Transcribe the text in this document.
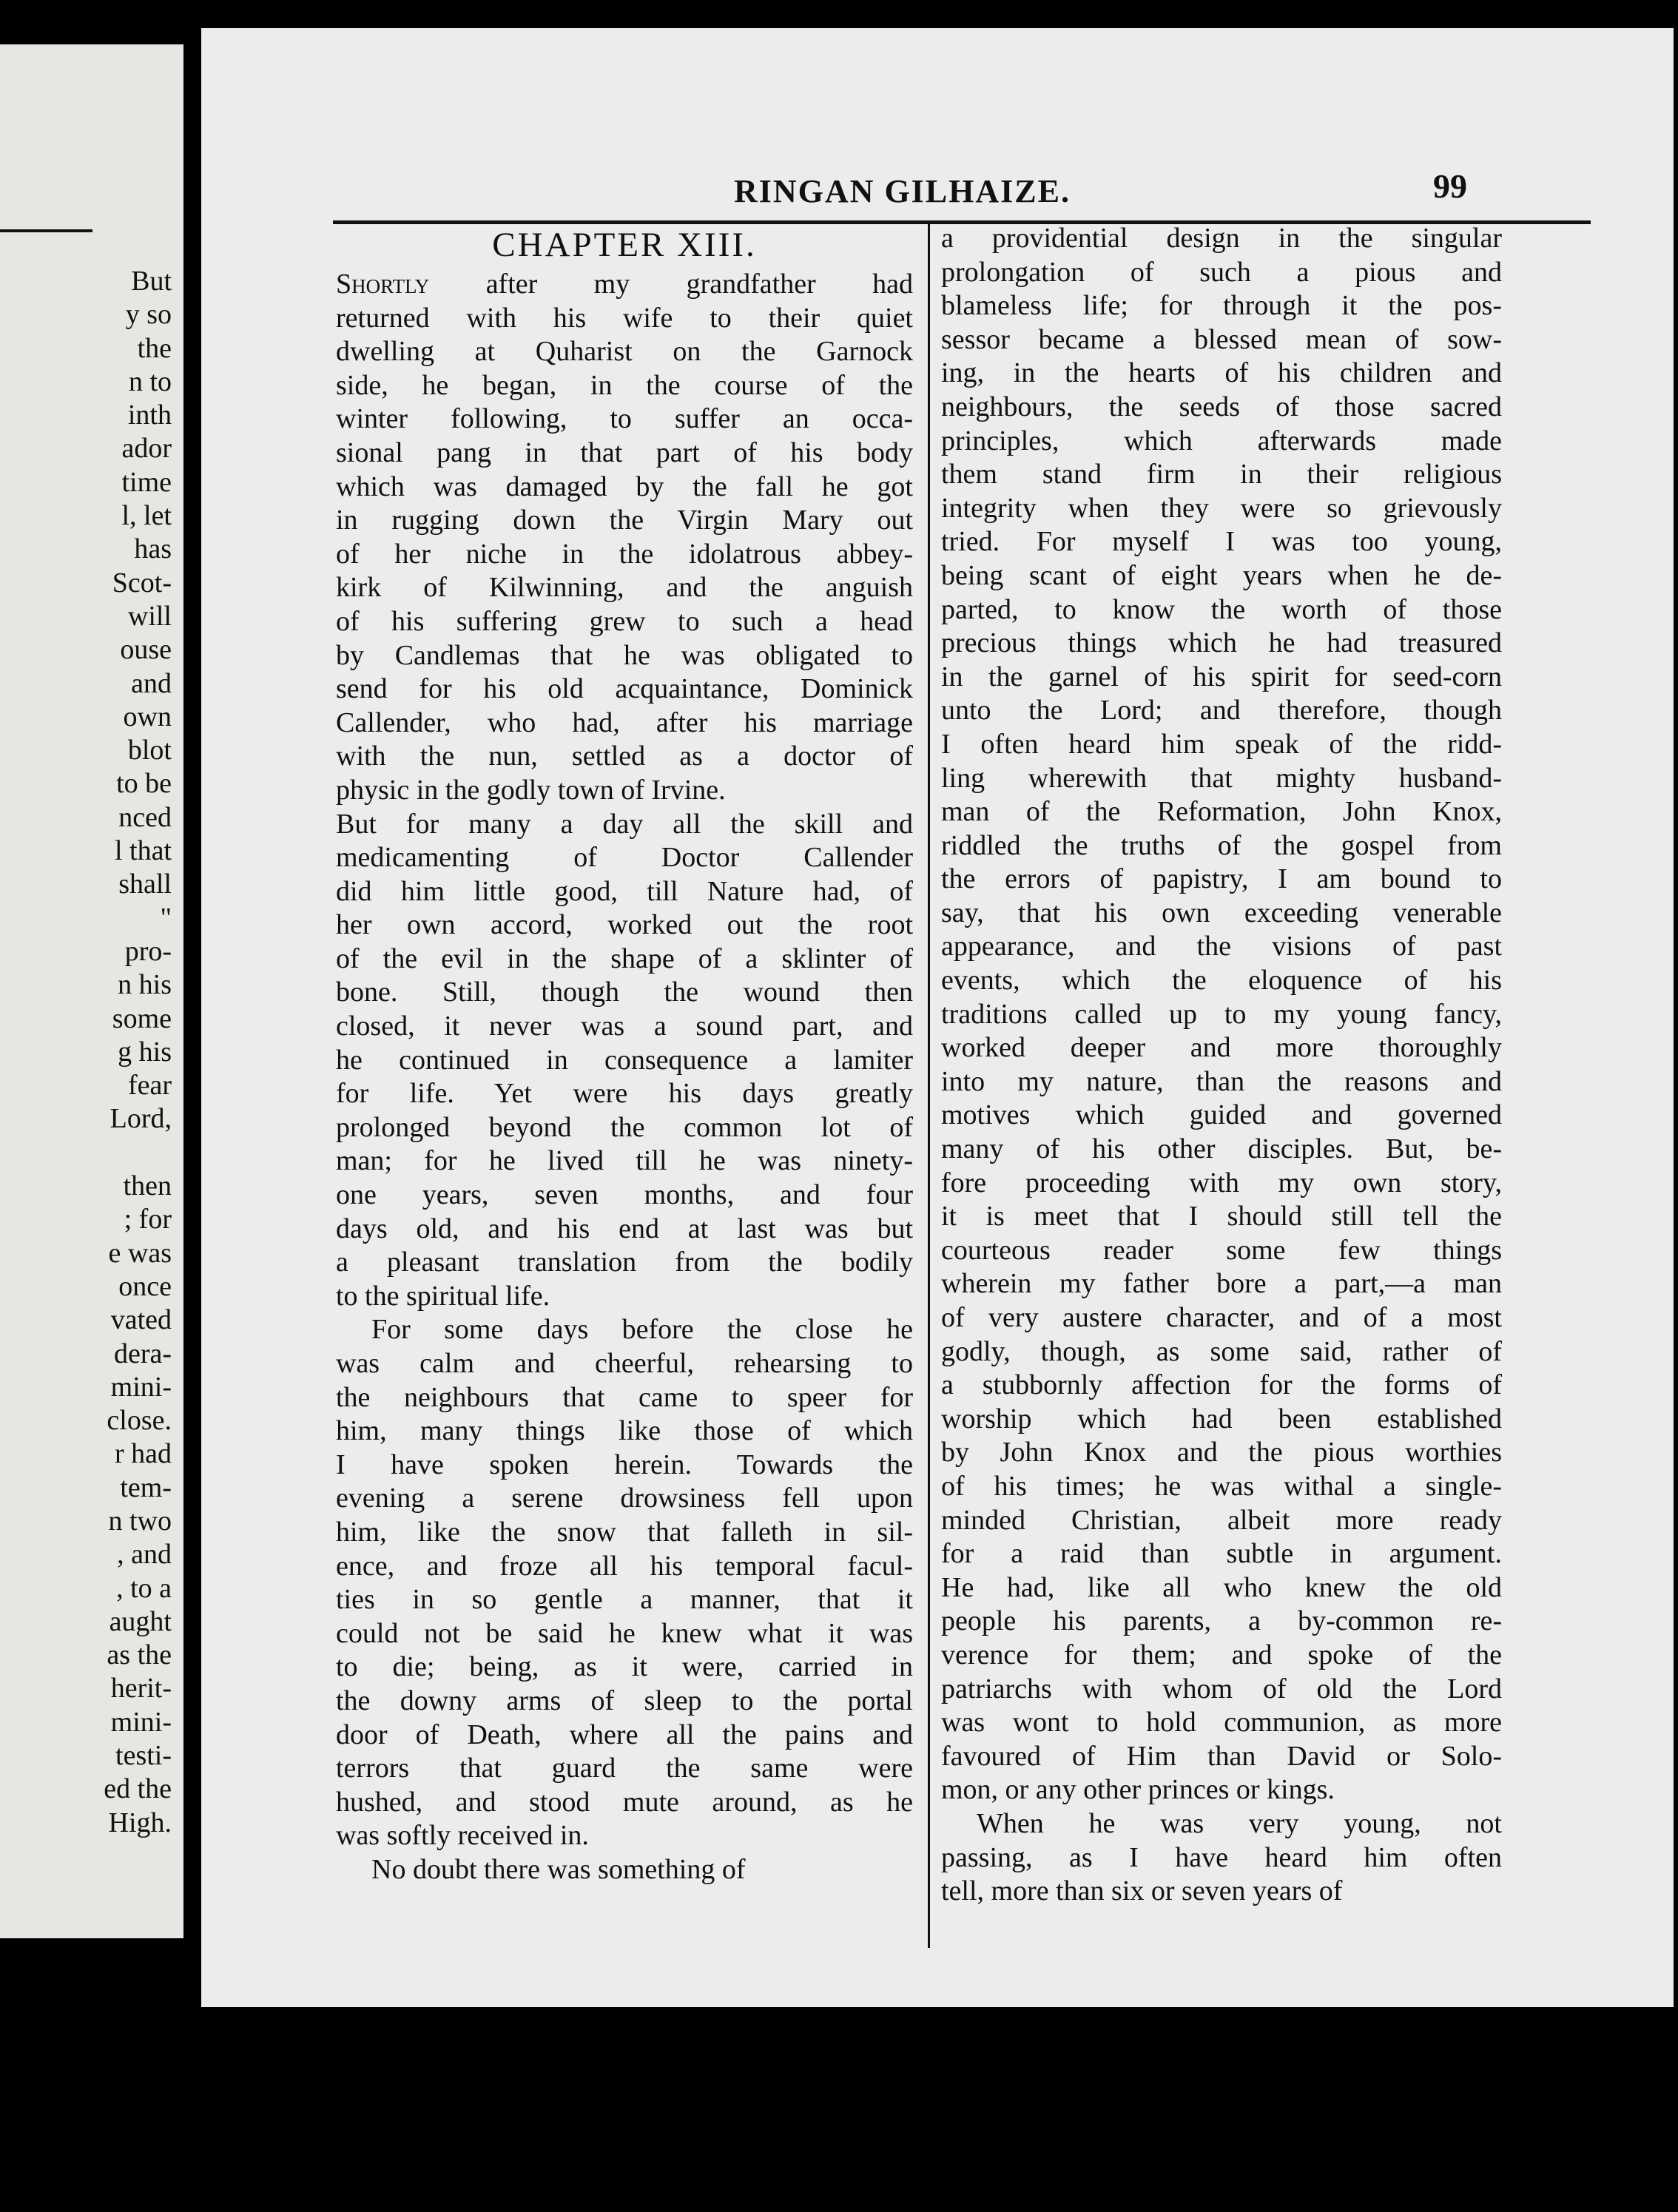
But
y so
the
n to
inth
ador
time
l, let
has
Scot-
will
ouse
and
own
blot
to be
nced
l that
shall
"
pro-
n his
some
g his
fear
Lord,

then
; for
e was
once
vated
dera-
mini-
close.
r had
tem-
n two
, and
, to a
aught
as the
herit-
mini-
testi-
ed the
High.
RINGAN GILHAIZE.	99
CHAPTER XIII.
Shortly after my grandfather had
returned with his wife to their quiet
dwelling at Quharist on the Garnock
side, he began, in the course of the
winter following, to suffer an occa-
sional pang in that part of his body
which was damaged by the fall he got
in rugging down the Virgin Mary out
of her niche in the idolatrous abbey-
kirk of Kilwinning, and the anguish
of his suffering grew to such a head
by Candlemas that he was obligated to
send for his old acquaintance, Dominick
Callender, who had, after his marriage
with the nun, settled as a doctor of
physic in the godly town of Irvine.
But for many a day all the skill and
medicamenting of Doctor Callender
did him little good, till Nature had, of
her own accord, worked out the root
of the evil in the shape of a sklinter of
bone. Still, though the wound then
closed, it never was a sound part, and
he continued in consequence a lamiter
for life. Yet were his days greatly
prolonged beyond the common lot of
man; for he lived till he was ninety-
one years, seven months, and four
days old, and his end at last was but
a pleasant translation from the bodily
to the spiritual life.
For some days before the close he
was calm and cheerful, rehearsing to
the neighbours that came to speer for
him, many things like those of which
I have spoken herein. Towards the
evening a serene drowsiness fell upon
him, like the snow that falleth in sil-
ence, and froze all his temporal facul-
ties in so gentle a manner, that it
could not be said he knew what it was
to die; being, as it were, carried in
the downy arms of sleep to the portal
door of Death, where all the pains and
terrors that guard the same were
hushed, and stood mute around, as he
was softly received in.
No doubt there was something of
a providential design in the singular
prolongation of such a pious and
blameless life; for through it the pos-
sessor became a blessed mean of sow-
ing, in the hearts of his children and
neighbours, the seeds of those sacred
principles, which afterwards made
them stand firm in their religious
integrity when they were so grievously
tried. For myself I was too young,
being scant of eight years when he de-
parted, to know the worth of those
precious things which he had treasured
in the garnel of his spirit for seed-corn
unto the Lord; and therefore, though
I often heard him speak of the ridd-
ling wherewith that mighty husband-
man of the Reformation, John Knox,
riddled the truths of the gospel from
the errors of papistry, I am bound to
say, that his own exceeding venerable
appearance, and the visions of past
events, which the eloquence of his
traditions called up to my young fancy,
worked deeper and more thoroughly
into my nature, than the reasons and
motives which guided and governed
many of his other disciples. But, be-
fore proceeding with my own story,
it is meet that I should still tell the
courteous reader some few things
wherein my father bore a part,—a man
of very austere character, and of a most
godly, though, as some said, rather of
a stubbornly affection for the forms of
worship which had been established
by John Knox and the pious worthies
of his times; he was withal a single-
minded Christian, albeit more ready
for a raid than subtle in argument.
He had, like all who knew the old
people his parents, a by-common re-
verence for them; and spoke of the
patriarchs with whom of old the Lord
was wont to hold communion, as more
favoured of Him than David or Solo-
mon, or any other princes or kings.
When he was very young, not
passing, as I have heard him often
tell, more than six or seven years of
